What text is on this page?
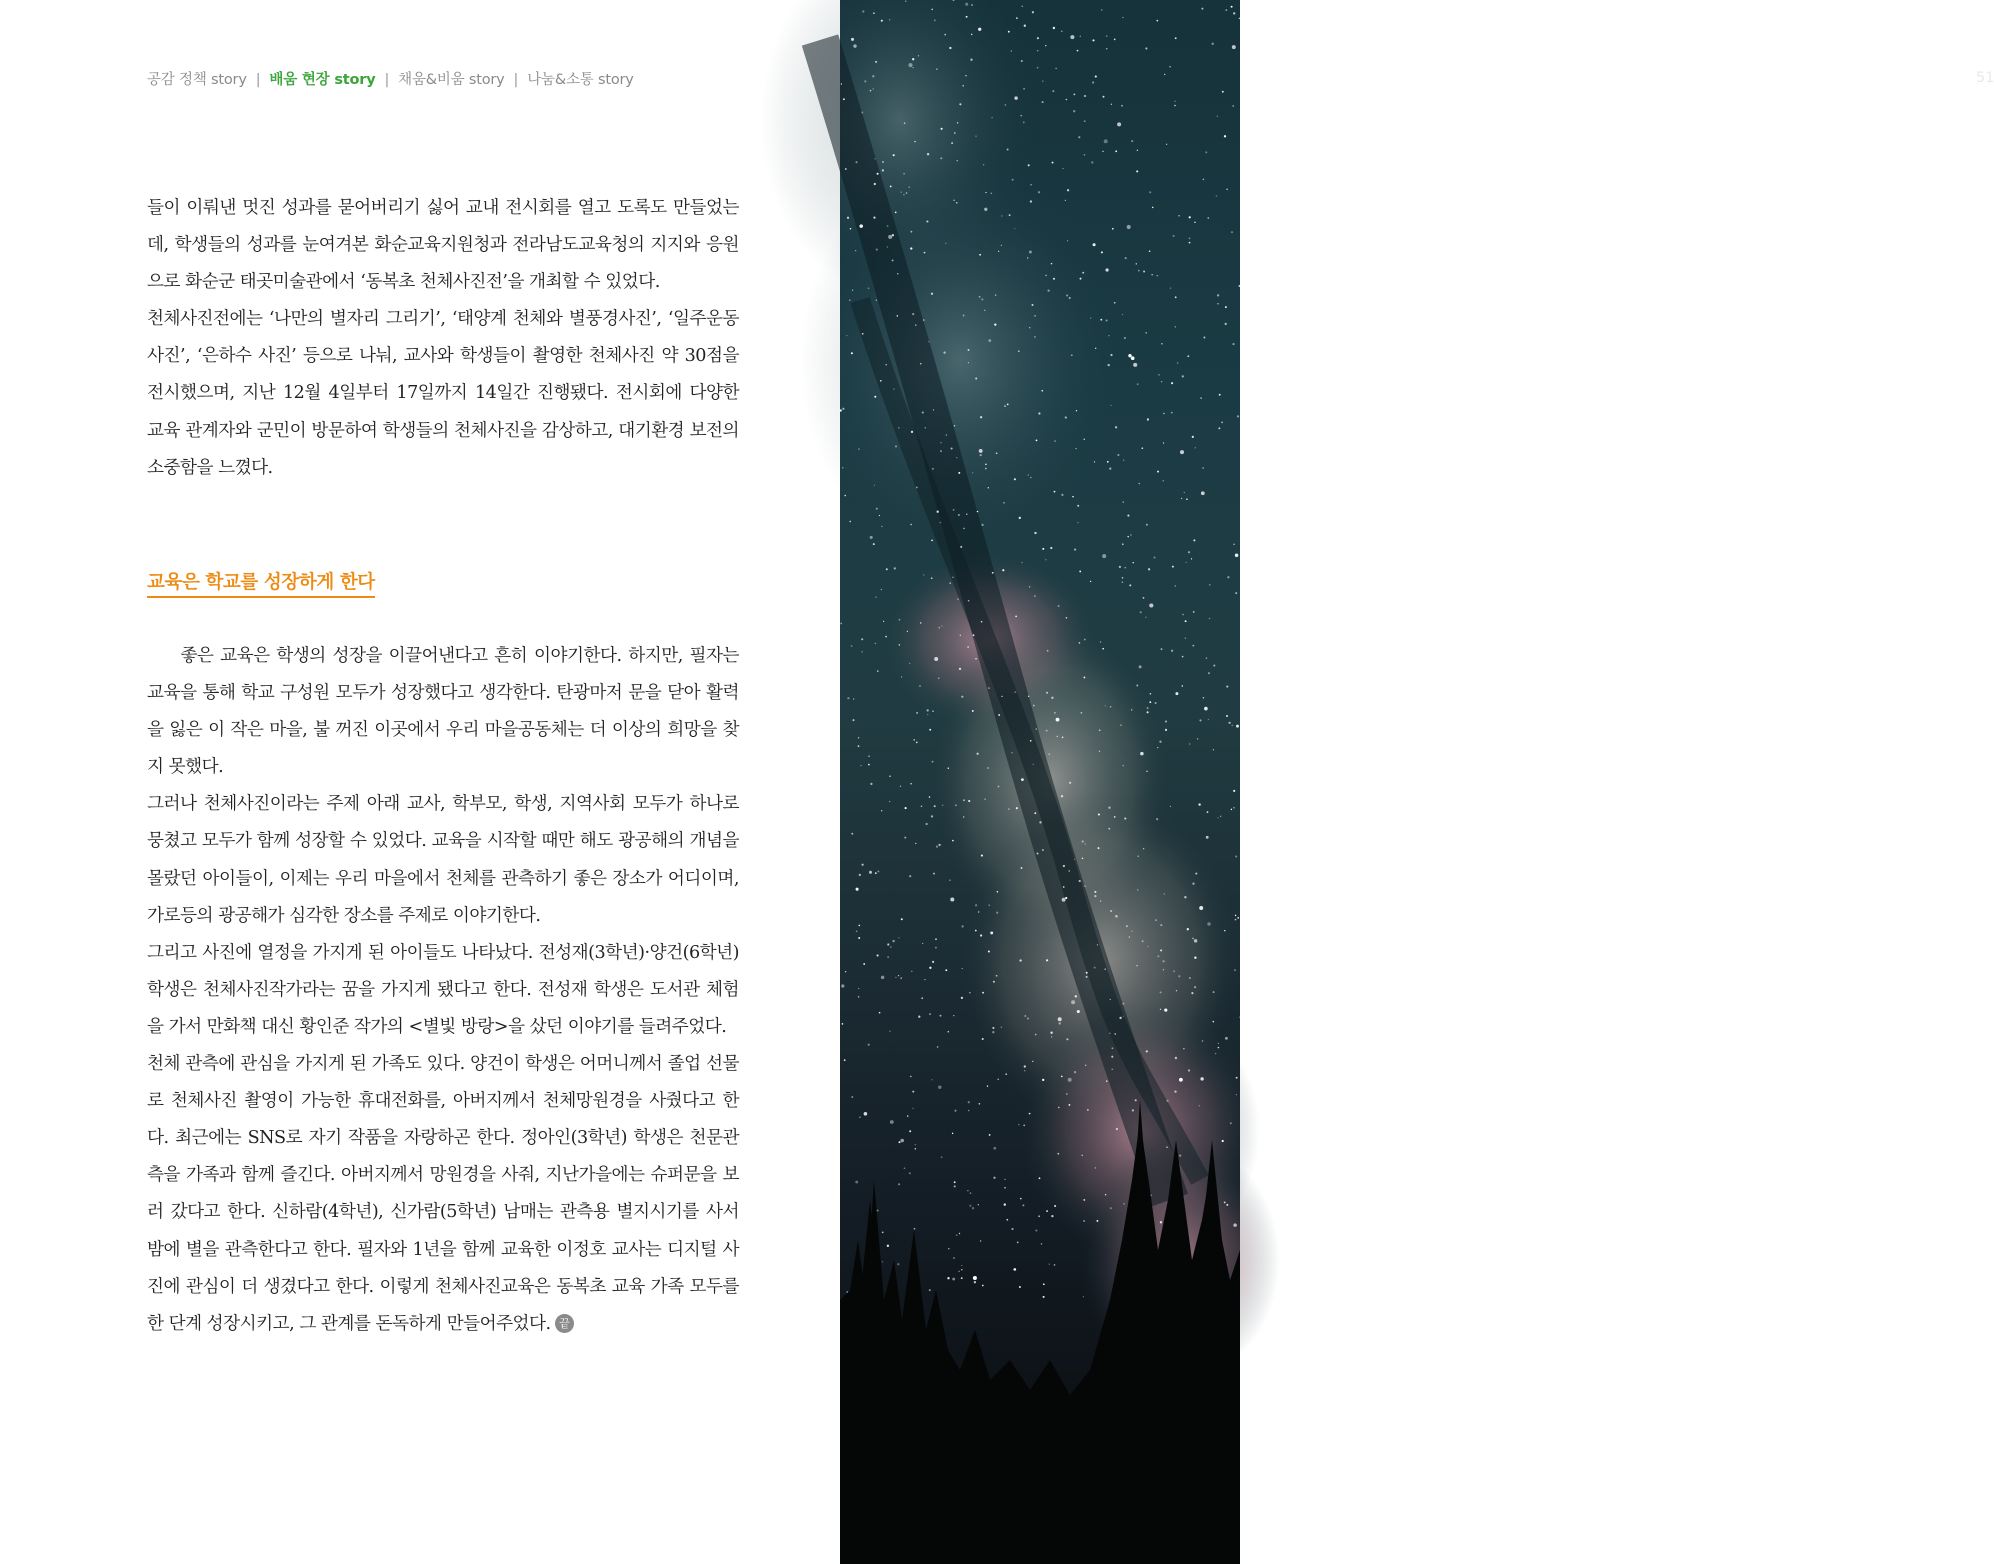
공감 정책 story | 배움 현장 story | 채움&비움 story | 나눔&소통 story

들이 이뤄낸 멋진 성과를 묻어버리기 싫어 교내 전시회를 열고 도록도 만들었는데, 학생들의 성과를 눈여겨본 화순교육지원청과 전라남도교육청의 지지와 응원으로 화순군 태곳미술관에서 ‘동복초 천체사진전’을 개최할 수 있었다.

천체사진전에는 ‘나만의 별자리 그리기’, ‘태양계 천체와 별풍경사진’, ‘일주운동 사진’, ‘은하수 사진’ 등으로 나눠, 교사와 학생들이 촬영한 천체사진 약 30점을 전시했으며, 지난 12월 4일부터 17일까지 14일간 진행됐다. 전시회에 다양한 교육 관계자와 군민이 방문하여 학생들의 천체사진을 감상하고, 대기환경 보전의 소중함을 느꼈다.

교육은 학교를 성장하게 한다

좋은 교육은 학생의 성장을 이끌어낸다고 흔히 이야기한다. 하지만, 필자는 교육을 통해 학교 구성원 모두가 성장했다고 생각한다. 탄광마저 문을 닫아 활력을 잃은 이 작은 마을, 불 꺼진 이곳에서 우리 마을공동체는 더 이상의 희망을 찾지 못했다.

그러나 천체사진이라는 주제 아래 교사, 학부모, 학생, 지역사회 모두가 하나로 뭉쳤고 모두가 함께 성장할 수 있었다. 교육을 시작할 때만 해도 광공해의 개념을 몰랐던 아이들이, 이제는 우리 마을에서 천체를 관측하기 좋은 장소가 어디이며, 가로등의 광공해가 심각한 장소를 주제로 이야기한다.

그리고 사진에 열정을 가지게 된 아이들도 나타났다. 전성재(3학년)·양건(6학년) 학생은 천체사진작가라는 꿈을 가지게 됐다고 한다. 전성재 학생은 도서관 체험을 가서 만화책 대신 황인준 작가의 <별빛 방랑>을 샀던 이야기를 들려주었다.

천체 관측에 관심을 가지게 된 가족도 있다. 양건이 학생은 어머니께서 졸업 선물로 천체사진 촬영이 가능한 휴대전화를, 아버지께서 천체망원경을 사줬다고 한다. 최근에는 SNS로 자기 작품을 자랑하곤 한다. 정아인(3학년) 학생은 천문관측을 가족과 함께 즐긴다. 아버지께서 망원경을 사줘, 지난가을에는 슈퍼문을 보러 갔다고 한다. 신하람(4학년), 신가람(5학년) 남매는 관측용 별지시기를 사서 밤에 별을 관측한다고 한다. 필자와 1년을 함께 교육한 이정호 교사는 디지털 사진에 관심이 더 생겼다고 한다. 이렇게 천체사진교육은 동복초 교육 가족 모두를 한 단계 성장시키고, 그 관계를 돈독하게 만들어주었다. 끝

51
대나무 숲 너머 별의 숲_3학년 전성재
